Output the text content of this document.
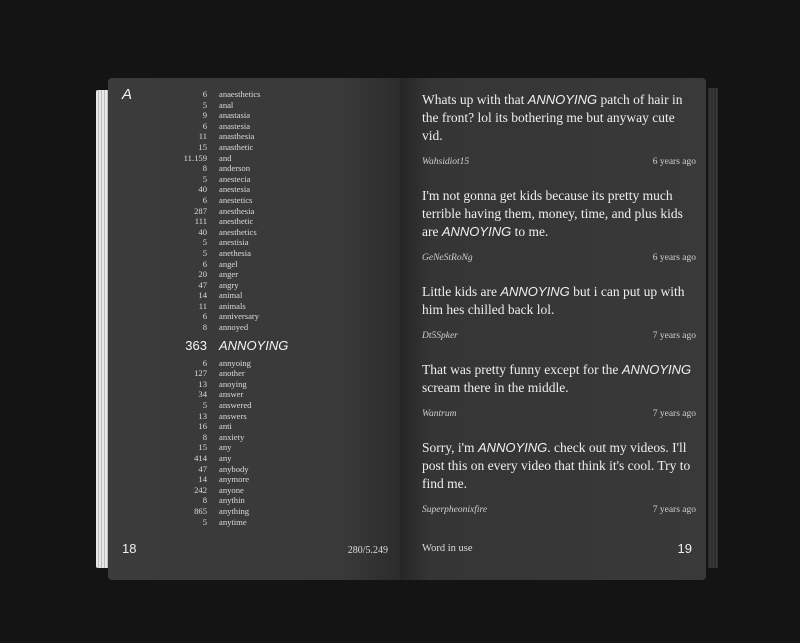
A	6	anaesthetics
5	anal
9	anastasia
6	anastesia
11	anasthesia
15	anasthetic
11.159	and
8	anderson
5	anestecia
40	anestesia
6	anestetics
287	anesthesia
111	anesthetic
40	anesthetics
5	anestisia
5	anethesia
6	angel
20	anger
47	angry
14	animal
11	animals
6	anniversary
8	annoyed
363 ANNOYING
6	annyoing
127	another
13	anoying
34	answer
5	answered
13	answers
16	anti
8	anxiety
15	any
414	any
47	anybody
14	anymore
242	anyone
8	anythin
865	anything
5	anytime
18	280/5.249
Whats up with that ANNOYING patch of hair in the front? lol its bothering me but anyway cute vid.
Wahsidiot15	6 years ago
I'm not gonna get kids because its pretty much terrible having them, money, time, and plus kids are ANNOYING to me.
GeNeStRoNg	6 years ago
Little kids are ANNOYING but i can put up with him hes chilled back lol.
Dt5Spker	7 years ago
That was pretty funny except for the ANNOYING scream there in the middle.
Wantrum	7 years ago
Sorry, i'm ANNOYING. check out my videos. I'll post this on every video that think it's cool. Try to find me.
Superpheonixfire	7 years ago
Word in use	19
